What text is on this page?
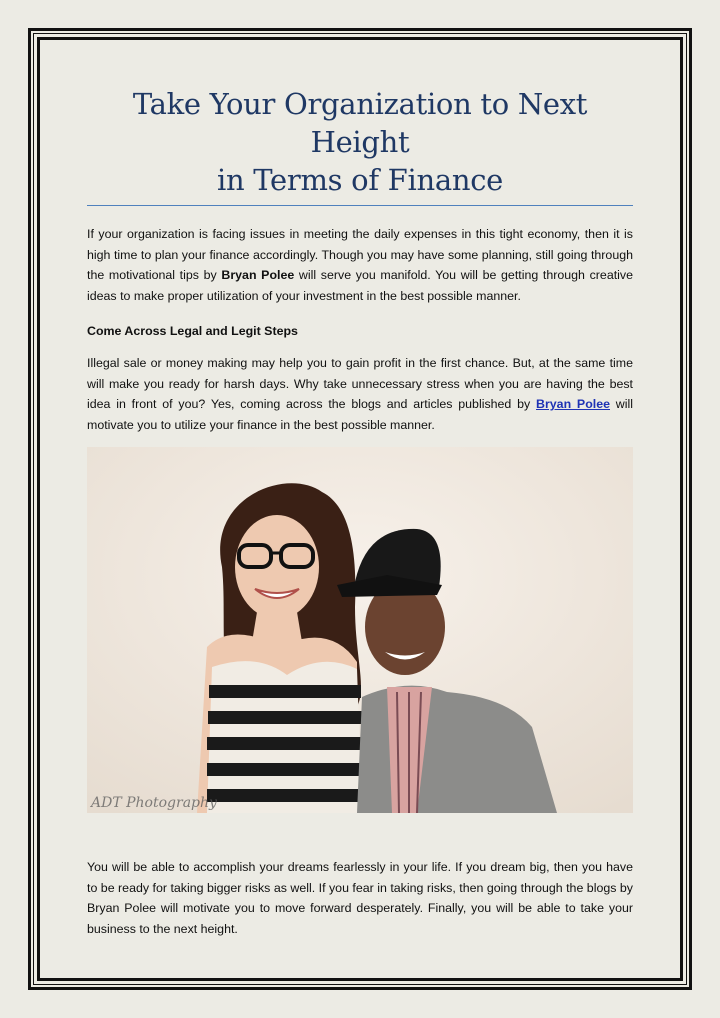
Take Your Organization to Next Height
in Terms of Finance

If your organization is facing issues in meeting the daily expenses in this tight economy, then it is high time to plan your finance accordingly. Though you may have some planning, still going through the motivational tips by Bryan Polee will serve you manifold. You will be getting through creative ideas to make proper utilization of your investment in the best possible manner.

Come Across Legal and Legit Steps

Illegal sale or money making may help you to gain profit in the first chance. But, at the same time will make you ready for harsh days. Why take unnecessary stress when you are having the best idea in front of you? Yes, coming across the blogs and articles published by Bryan Polee will motivate you to utilize your finance in the best possible manner.

ADT Photography

You will be able to accomplish your dreams fearlessly in your life. If you dream big, then you have to be ready for taking bigger risks as well. If you fear in taking risks, then going through the blogs by Bryan Polee will motivate you to move forward desperately. Finally, you will be able to take your business to the next height.
